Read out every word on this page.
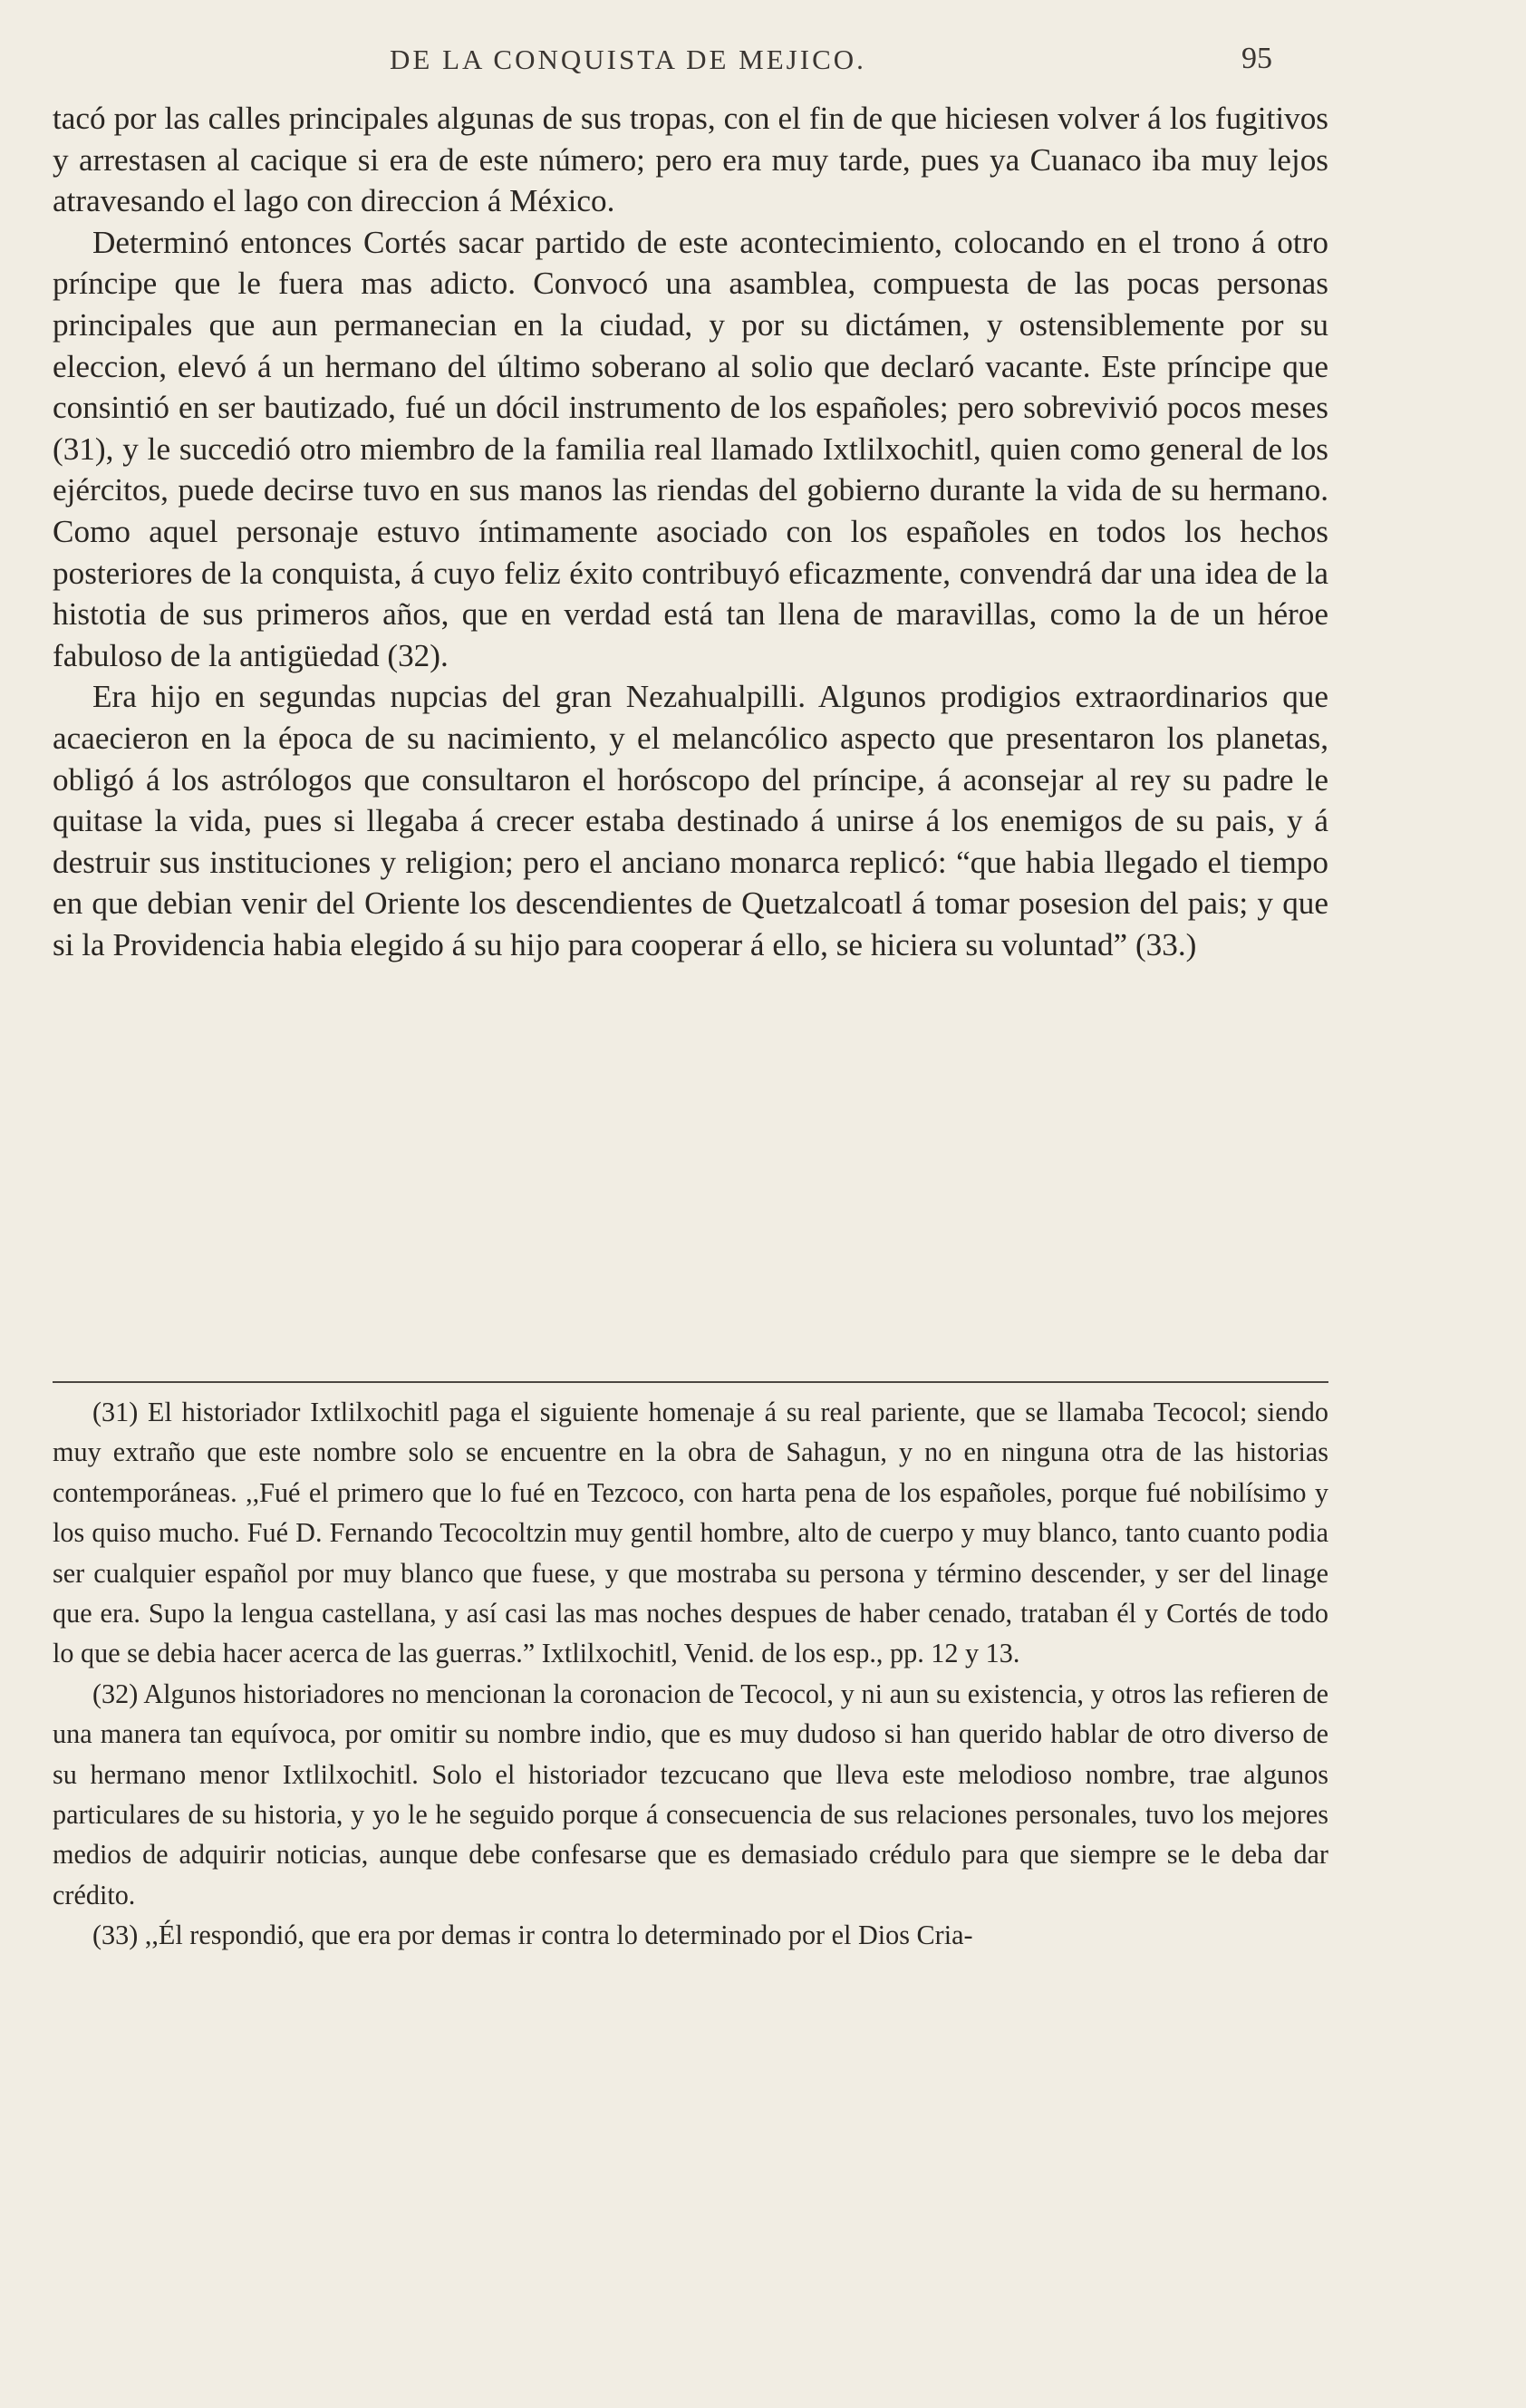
DE LA CONQUISTA DE MEJICO.	95

tacó por las calles principales algunas de sus tropas, con el fin de que hiciesen volver á los fugitivos y arrestasen al cacique si era de este número; pero era muy tarde, pues ya Cuanaco iba muy lejos atravesando el lago con direccion á México.

Determinó entonces Cortés sacar partido de este acontecimiento, colocando en el trono á otro príncipe que le fuera mas adicto. Convocó una asamblea, compuesta de las pocas personas principales que aun permanecian en la ciudad, y por su dictámen, y ostensiblemente por su eleccion, elevó á un hermano del último soberano al solio que declaró vacante. Este príncipe que consintió en ser bautizado, fué un dócil instrumento de los españoles; pero sobrevivió pocos meses (31), y le succedió otro miembro de la familia real llamado Ixtlilxochitl, quien como general de los ejércitos, puede decirse tuvo en sus manos las riendas del gobierno durante la vida de su hermano. Como aquel personaje estuvo íntimamente asociado con los españoles en todos los hechos posteriores de la conquista, á cuyo feliz éxito contribuyó eficazmente, convendrá dar una idea de la histotia de sus primeros años, que en verdad está tan llena de maravillas, como la de un héroe fabuloso de la antigüedad (32).

Era hijo en segundas nupcias del gran Nezahualpilli. Algunos prodigios extraordinarios que acaecieron en la época de su nacimiento, y el melancólico aspecto que presentaron los planetas, obligó á los astrólogos que consultaron el horóscopo del príncipe, á aconsejar al rey su padre le quitase la vida, pues si llegaba á crecer estaba destinado á unirse á los enemigos de su pais, y á destruir sus instituciones y religion; pero el anciano monarca replicó: “que habia llegado el tiempo en que debian venir del Oriente los descendientes de Quetzalcoatl á tomar posesion del pais; y que si la Providencia habia elegido á su hijo para cooperar á ello, se hiciera su voluntad” (33.)

(31) El historiador Ixtlilxochitl paga el siguiente homenaje á su real pariente, que se llamaba Tecocol; siendo muy extraño que este nombre solo se encuentre en la obra de Sahagun, y no en ninguna otra de las historias contemporáneas. ,,Fué el primero que lo fué en Tezcoco, con harta pena de los españoles, porque fué nobilísimo y los quiso mucho. Fué D. Fernando Tecocoltzin muy gentil hombre, alto de cuerpo y muy blanco, tanto cuanto podia ser cualquier español por muy blanco que fuese, y que mostraba su persona y término descender, y ser del linage que era. Supo la lengua castellana, y así casi las mas noches despues de haber cenado, trataban él y Cortés de todo lo que se debia hacer acerca de las guerras.” Ixtlilxochitl, Venid. de los esp., pp. 12 y 13.

(32) Algunos historiadores no mencionan la coronacion de Tecocol, y ni aun su existencia, y otros las refieren de una manera tan equívoca, por omitir su nombre indio, que es muy dudoso si han querido hablar de otro diverso de su hermano menor Ixtlilxochitl. Solo el historiador tezcucano que lleva este melodioso nombre, trae algunos particulares de su historia, y yo le he seguido porque á consecuencia de sus relaciones personales, tuvo los mejores medios de adquirir noticias, aunque debe confesarse que es demasiado crédulo para que siempre se le deba dar crédito.

(33) ,,Él respondió, que era por demas ir contra lo determinado por el Dios Cria-
